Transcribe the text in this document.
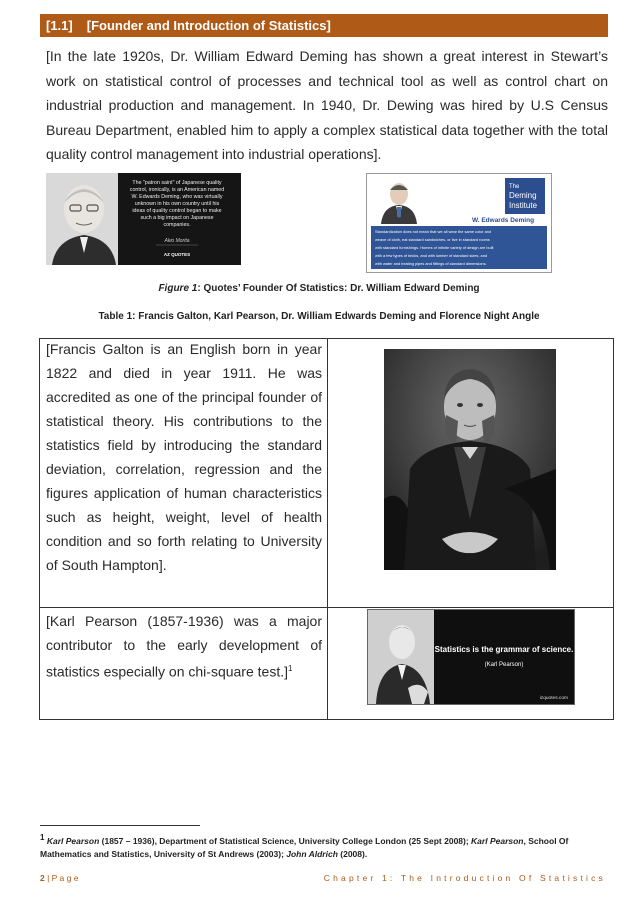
[1.1] [Founder and Introduction of Statistics]

[In the late 1920s, Dr. William Edward Deming has shown a great interest in Stewart’s work on statistical control of processes and technical tool as well as control chart on industrial production and management. In 1940, Dr. Dewing was hired by U.S Census Bureau Department, enabled him to apply a complex statistical data together with the total quality control management into industrial operations].

The "patron saint" of Japanese quality
control, ironically, is an American named
W. Edwards Deming, who was virtually
unknown in his own country until his
ideas of quality control began to make
such a big impact on Japanese
companies.
Akio Morita
AZ QUOTES
The
Deming
Institute
W. Edwards Deming
Standardization does not mean that we all wear the same color and
weave of cloth, eat standard sandwiches, or live in standard rooms
with standard furnishings. Homes of infinite variety of design are built
with a few types of bricks, and with lumber of standard sizes, and
with water and heating pipes and fittings of standard dimensions.
Figure 1: Quotes’ Founder Of Statistics: Dr. William Edward Deming
Table 1: Francis Galton, Karl Pearson, Dr. William Edwards Deming and Florence Night Angle

[Francis Galton is an English born in year 1822 and died in year 1911. He was accredited as one of the principal founder of statistical theory. His contributions to the statistics field by introducing the standard deviation, correlation, regression and the figures application of human characteristics such as height, weight, level of health condition and so forth relating to University of South Hampton].

[Karl Pearson (1857-1936) was a major contributor to the early development of statistics especially on chi-square test.]$^1$

Statistics is the grammar of science.
(Karl Pearson)
izquotes.com
$^1$ Karl Pearson (1857 – 1936), Department of Statistical Science, University College London (25 Sept 2008); Karl Pearson, School Of Mathematics and Statistics, University of St Andrews (2003); John Aldrich (2008).
2 | P a g e	Chapter 1: The Introduction Of Statistics
